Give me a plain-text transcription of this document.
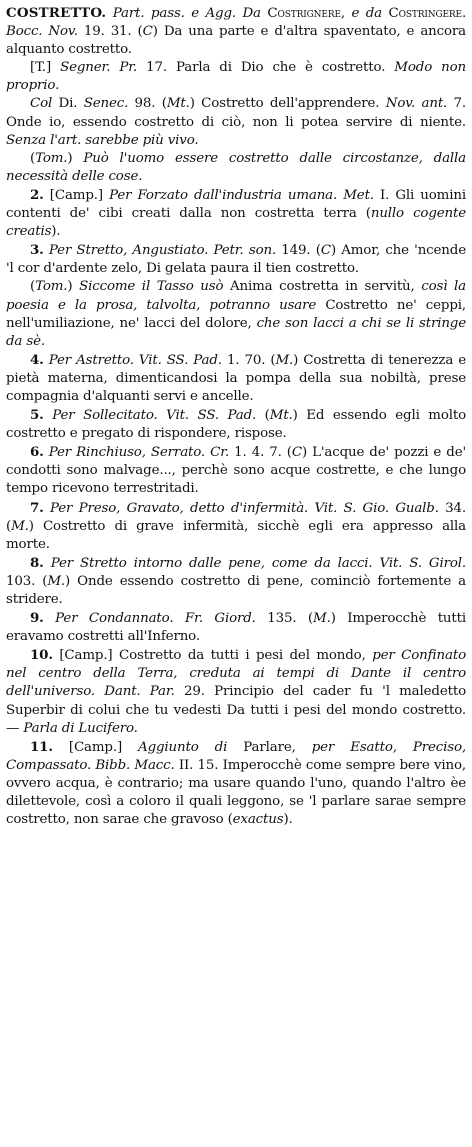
COSTRETTO. Part. pass. e Agg. Da Costrignere, e da Costringere. Bocc. Nov. 19. 31. (C) Da una parte e d'altra spaventato, e ancora alquanto costretto.

[T.] Segner. Pr. 17. Parla di Dio che è costretto. Modo non proprio.

Col Di. Senec. 98. (Mt.) Costretto dell'apprendere. Nov. ant. 7. Onde io, essendo costretto di ciò, non li potea servire di niente. Senza l'art. sarebbe più vivo.

(Tom.) Può l'uomo essere costretto dalle circostanze, dalla necessità delle cose.

2. [Camp.] Per Forzato dall'industria umana. Met. I. Gli uomini contenti de' cibi creati dalla non costretta terra (nullo cogente creatis).

3. Per Stretto, Angustiato. Petr. son. 149. (C) Amor, che 'ncende 'l cor d'ardente zelo, Di gelata paura il tien costretto.

(Tom.) Siccome il Tasso usò Anima costretta in servitù, così la poesia e la prosa, talvolta, potranno usare Costretto ne' ceppi, nell'umiliazione, ne' lacci del dolore, che son lacci a chi se li stringe da sè.

4. Per Astretto. Vit. SS. Pad. 1. 70. (M.) Costretta di tenerezza e pietà materna, dimenticandosi la pompa della sua nobiltà, prese compagnia d'alquanti servi e ancelle.

5. Per Sollecitato. Vit. SS. Pad. (Mt.) Ed essendo egli molto costretto e pregato di rispondere, rispose.

6. Per Rinchiuso, Serrato. Cr. 1. 4. 7. (C) L'acque de' pozzi e de' condotti sono malvage..., perchè sono acque costrette, e che lungo tempo ricevono terrestritadi.

7. Per Preso, Gravato, detto d'infermità. Vit. S. Gio. Gualb. 34. (M.) Costretto di grave infermità, sicchè egli era appresso alla morte.

8. Per Stretto intorno dalle pene, come da lacci. Vit. S. Girol. 103. (M.) Onde essendo costretto di pene, cominciò fortemente a stridere.

9. Per Condannato. Fr. Giord. 135. (M.) Imperocchè tutti eravamo costretti all'Inferno.

10. [Camp.] Costretto da tutti i pesi del mondo, per Confinato nel centro della Terra, creduta ai tempi di Dante il centro dell'universo. Dant. Par. 29. Principio del cader fu 'l maledetto Superbir di colui che tu vedesti Da tutti i pesi del mondo costretto. — Parla di Lucifero.

11. [Camp.] Aggiunto di Parlare, per Esatto, Preciso, Compassato. Bibb. Macc. II. 15. Imperocchè come sempre bere vino, ovvero acqua, è contrario; ma usare quando l'uno, quando l'altro èe dilettevole, così a coloro il quali leggono, se 'l parlare sarae sempre costretto, non sarae che gravoso (exactus).
